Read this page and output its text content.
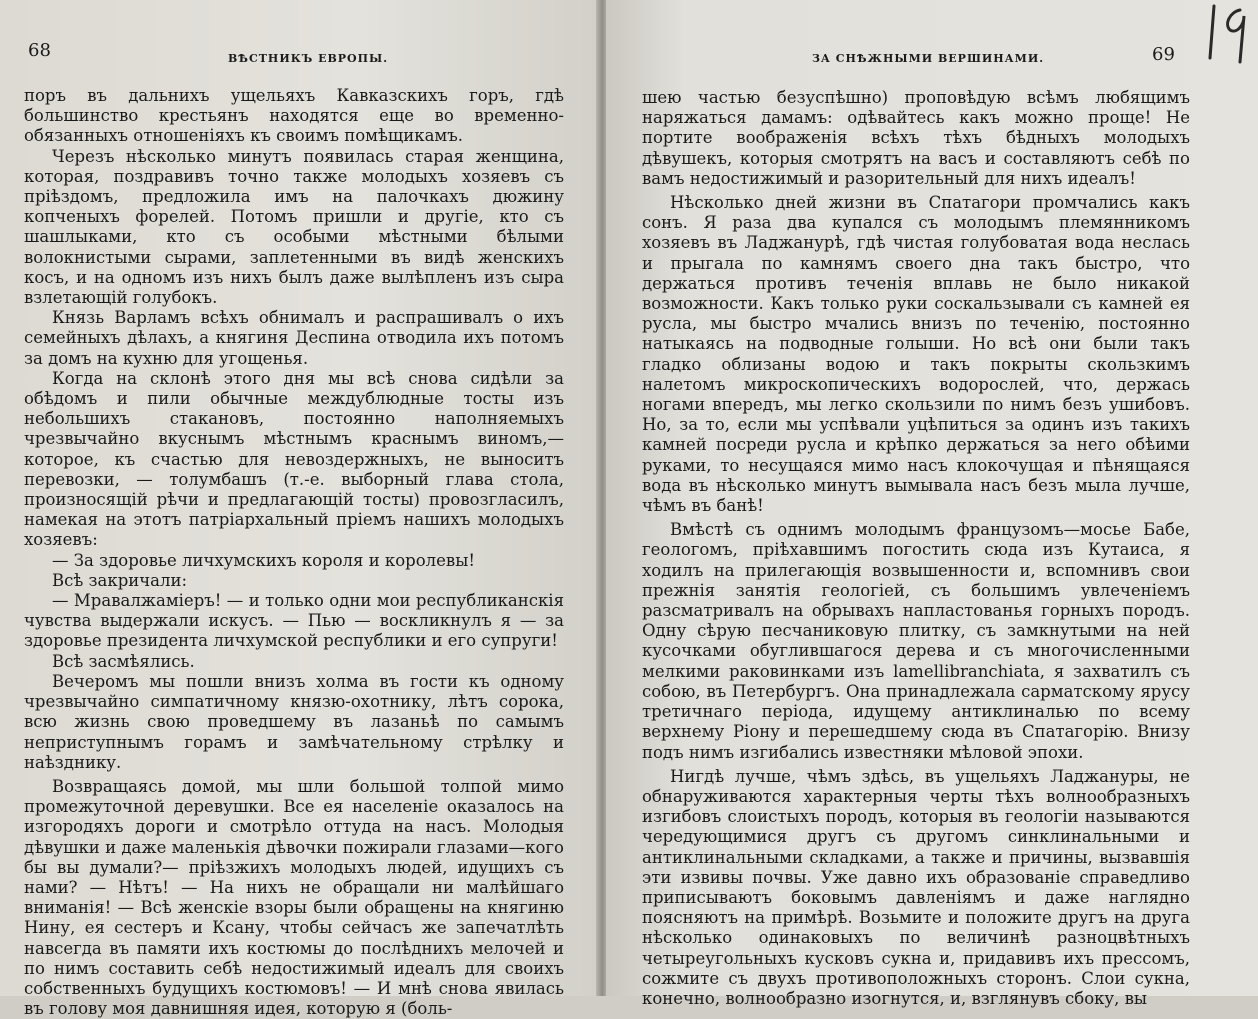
68	ВѢСТНИКЪ ЕВРОПЫ.

поръ въ дальнихъ ущельяхъ Кавказскихъ горъ, гдѣ большинство крестьянъ находятся еще во временно-обязанныхъ отношеніяхъ къ своимъ помѣщикамъ.

Черезъ нѣсколько минутъ появилась старая женщина, которая, поздравивъ точно также молодыхъ хозяевъ съ пріѣздомъ, предложила имъ на палочкахъ дюжину копченыхъ форелей. Потомъ пришли и другіе, кто съ шашлыками, кто съ особыми мѣстными бѣлыми волокнистыми сырами, заплетенными въ видѣ женскихъ косъ, и на одномъ изъ нихъ былъ даже вылѣпленъ изъ сыра взлетающій голубокъ.

Князь Варламъ всѣхъ обнималъ и распрашивалъ о ихъ семейныхъ дѣлахъ, а княгиня Деспина отводила ихъ потомъ за домъ на кухню для угощенья.

Когда на склонѣ этого дня мы всѣ снова сидѣли за обѣдомъ и пили обычные междублюдные тосты изъ небольшихъ стакановъ, постоянно наполняемыхъ чрезвычайно вкуснымъ мѣстнымъ краснымъ виномъ,—которое, къ счастью для невоздержныхъ, не выноситъ перевозки, — толумбашъ (т.-е. выборный глава стола, произносящій рѣчи и предлагающій тосты) провозгласилъ, намекая на этотъ патріархальный пріемъ нашихъ молодыхъ хозяевъ:

— За здоровье личхумскихъ короля и королевы!

Всѣ закричали:

— Мравалжаміеръ! — и только одни мои республиканскія чувства выдержали искусъ. — Пью — воскликнулъ я — за здоровье президента личхумской республики и его супруги!

Всѣ засмѣялись.

Вечеромъ мы пошли внизъ холма въ гости къ одному чрезвычайно симпатичному князю-охотнику, лѣтъ сорока, всю жизнь свою проведшему въ лазаньѣ по самымъ неприступнымъ горамъ и замѣчательному стрѣлку и наѣзднику.

Возвращаясь домой, мы шли большой толпой мимо промежуточной деревушки. Все ея населеніе оказалось на изгородяхъ дороги и смотрѣло оттуда на насъ. Молодыя дѣвушки и даже маленькія дѣвочки пожирали глазами—кого бы вы думали?— пріѣзжихъ молодыхъ людей, идущихъ съ нами? — Нѣтъ! — На нихъ не обращали ни малѣйшаго вниманія! — Всѣ женскіе взоры были обращены на княгиню Нину, ея сестеръ и Ксану, чтобы сейчасъ же запечатлѣть навсегда въ памяти ихъ костюмы до послѣднихъ мелочей и по нимъ составить себѣ недостижимый идеалъ для своихъ собственныхъ будущихъ костюмовъ! — И мнѣ снова явилась въ голову моя давнишняя идея, которую я (боль-

ЗА СНѢЖНЫМИ ВЕРШИНАМИ.	69

шею частью безуспѣшно) проповѣдую всѣмъ любящимъ наряжаться дамамъ: одѣвайтесь какъ можно проще! Не портите воображенія всѣхъ тѣхъ бѣдныхъ молодыхъ дѣвушекъ, которыя смотрятъ на васъ и составляютъ себѣ по вамъ недостижимый и разорительный для нихъ идеалъ!

Нѣсколько дней жизни въ Спатагори промчались какъ сонъ. Я раза два купался съ молодымъ племянникомъ хозяевъ въ Ладжанурѣ, гдѣ чистая голубоватая вода неслась и прыгала по камнямъ своего дна такъ быстро, что держаться противъ теченія вплавь не было никакой возможности. Какъ только руки соскальзывали съ камней ея русла, мы быстро мчались внизъ по теченію, постоянно натыкаясь на подводные голыши. Но всѣ они были такъ гладко облизаны водою и такъ покрыты скользкимъ налетомъ микроскопическихъ водорослей, что, держась ногами впередъ, мы легко скользили по нимъ безъ ушибовъ. Но, за то, если мы успѣвали уцѣпиться за одинъ изъ такихъ камней посреди русла и крѣпко держаться за него обѣими руками, то несущаяся мимо насъ клокочущая и пѣнящаяся вода въ нѣсколько минутъ вымывала насъ безъ мыла лучше, чѣмъ въ банѣ!

Вмѣстѣ съ однимъ молодымъ французомъ—мосье Бабе, геологомъ, пріѣхавшимъ погостить сюда изъ Кутаиса, я ходилъ на прилегающія возвышенности и, вспомнивъ свои прежнія занятія геологіей, съ большимъ увлеченіемъ разсматривалъ на обрывахъ напластованья горныхъ породъ. Одну сѣрую песчаниковую плитку, съ замкнутыми на ней кусочками обуглившагося дерева и съ многочисленными мелкими раковинками изъ lamellibranchiata, я захватилъ съ собою, въ Петербургъ. Она принадлежала сарматскому ярусу третичнаго періода, идущему антиклиналью по всему верхнему Ріону и перешедшему сюда въ Спатагорію. Внизу подъ нимъ изгибались известняки мѣловой эпохи.

Нигдѣ лучше, чѣмъ здѣсь, въ ущельяхъ Ладжануры, не обнаруживаются характерныя черты тѣхъ волнообразныхъ изгибовъ слоистыхъ породъ, которыя въ геологіи называются чередующимися другъ съ другомъ синклинальными и антиклинальными складками, а также и причины, вызвавшія эти извивы почвы. Уже давно ихъ образованіе справедливо приписываютъ боковымъ давленіямъ и даже наглядно поясняютъ на примѣрѣ. Возьмите и положите другъ на друга нѣсколько одинаковыхъ по величинѣ разноцвѣтныхъ четыреугольныхъ кусковъ сукна и, придавивъ ихъ прессомъ, сожмите съ двухъ противоположныхъ сторонъ. Слои сукна, конечно, волнообразно изогнутся, и, взглянувъ сбоку, вы
